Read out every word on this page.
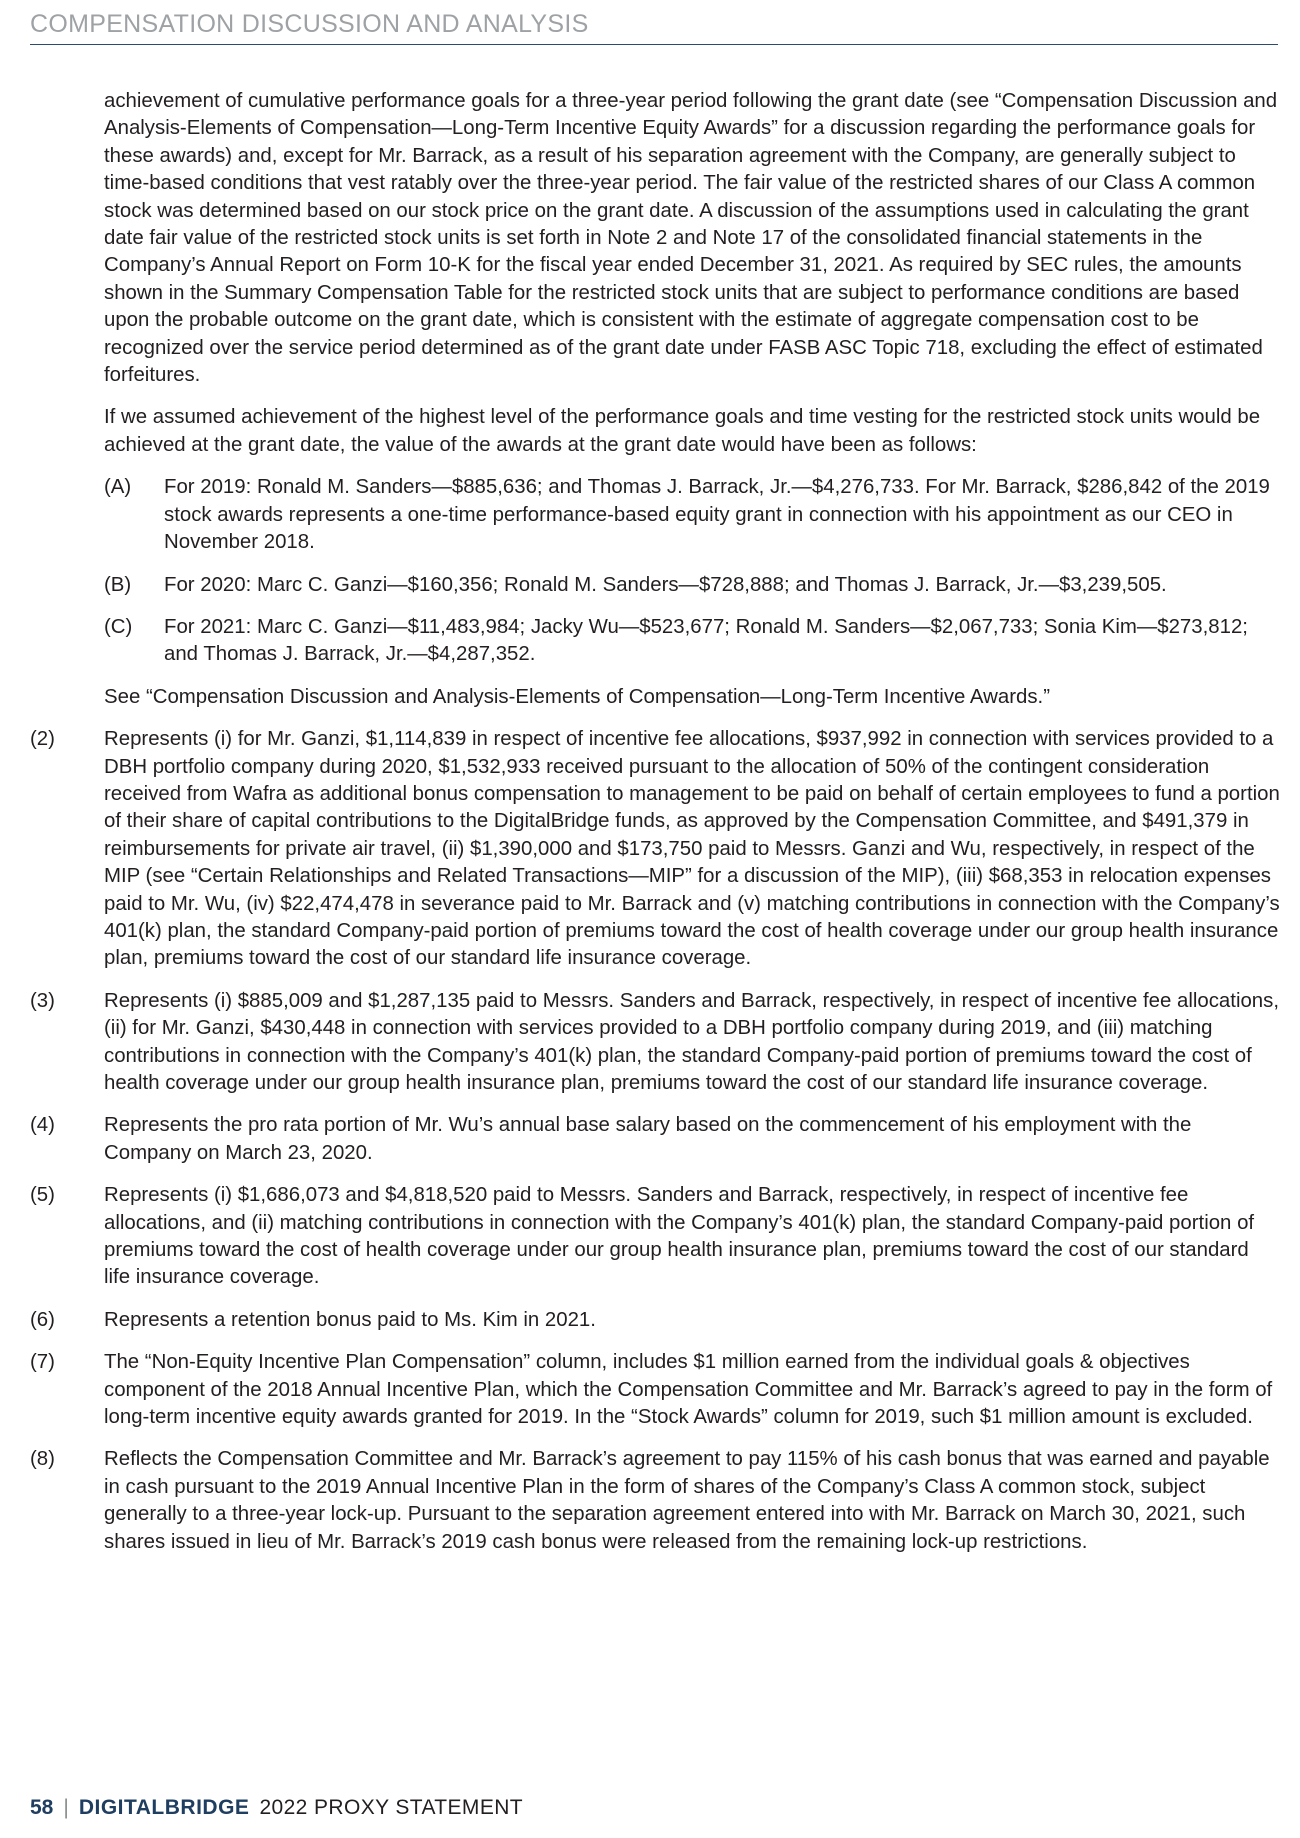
COMPENSATION DISCUSSION AND ANALYSIS

achievement of cumulative performance goals for a three-year period following the grant date (see “Compensation Discussion and Analysis-Elements of Compensation—Long-Term Incentive Equity Awards” for a discussion regarding the performance goals for these awards) and, except for Mr. Barrack, as a result of his separation agreement with the Company, are generally subject to time-based conditions that vest ratably over the three-year period. The fair value of the restricted shares of our Class A common stock was determined based on our stock price on the grant date. A discussion of the assumptions used in calculating the grant date fair value of the restricted stock units is set forth in Note 2 and Note 17 of the consolidated financial statements in the Company’s Annual Report on Form 10-K for the fiscal year ended December 31, 2021. As required by SEC rules, the amounts shown in the Summary Compensation Table for the restricted stock units that are subject to performance conditions are based upon the probable outcome on the grant date, which is consistent with the estimate of aggregate compensation cost to be recognized over the service period determined as of the grant date under FASB ASC Topic 718, excluding the effect of estimated forfeitures.

If we assumed achievement of the highest level of the performance goals and time vesting for the restricted stock units would be achieved at the grant date, the value of the awards at the grant date would have been as follows:

(A)	For 2019: Ronald M. Sanders—$885,636; and Thomas J. Barrack, Jr.—$4,276,733. For Mr. Barrack, $286,842 of the 2019 stock awards represents a one-time performance-based equity grant in connection with his appointment as our CEO in November 2018.
(B)	For 2020: Marc C. Ganzi—$160,356; Ronald M. Sanders—$728,888; and Thomas J. Barrack, Jr.—$3,239,505.
(C)	For 2021: Marc C. Ganzi—$11,483,984; Jacky Wu—$523,677; Ronald M. Sanders—$2,067,733; Sonia Kim—$273,812; and Thomas J. Barrack, Jr.—$4,287,352.

See “Compensation Discussion and Analysis-Elements of Compensation—Long-Term Incentive Awards.”

(2)	Represents (i) for Mr. Ganzi, $1,114,839 in respect of incentive fee allocations, $937,992 in connection with services provided to a DBH portfolio company during 2020, $1,532,933 received pursuant to the allocation of 50% of the contingent consideration received from Wafra as additional bonus compensation to management to be paid on behalf of certain employees to fund a portion of their share of capital contributions to the DigitalBridge funds, as approved by the Compensation Committee, and $491,379 in reimbursements for private air travel, (ii) $1,390,000 and $173,750 paid to Messrs. Ganzi and Wu, respectively, in respect of the MIP (see “Certain Relationships and Related Transactions—MIP” for a discussion of the MIP), (iii) $68,353 in relocation expenses paid to Mr. Wu, (iv) $22,474,478 in severance paid to Mr. Barrack and (v) matching contributions in connection with the Company’s 401(k) plan, the standard Company-paid portion of premiums toward the cost of health coverage under our group health insurance plan, premiums toward the cost of our standard life insurance coverage.
(3)	Represents (i) $885,009 and $1,287,135 paid to Messrs. Sanders and Barrack, respectively, in respect of incentive fee allocations, (ii) for Mr. Ganzi, $430,448 in connection with services provided to a DBH portfolio company during 2019, and (iii) matching contributions in connection with the Company’s 401(k) plan, the standard Company-paid portion of premiums toward the cost of health coverage under our group health insurance plan, premiums toward the cost of our standard life insurance coverage.
(4)	Represents the pro rata portion of Mr. Wu’s annual base salary based on the commencement of his employment with the Company on March 23, 2020.
(5)	Represents (i) $1,686,073 and $4,818,520 paid to Messrs. Sanders and Barrack, respectively, in respect of incentive fee allocations, and (ii) matching contributions in connection with the Company’s 401(k) plan, the standard Company-paid portion of premiums toward the cost of health coverage under our group health insurance plan, premiums toward the cost of our standard life insurance coverage.
(6)	Represents a retention bonus paid to Ms. Kim in 2021.
(7)	The “Non-Equity Incentive Plan Compensation” column, includes $1 million earned from the individual goals & objectives component of the 2018 Annual Incentive Plan, which the Compensation Committee and Mr. Barrack’s agreed to pay in the form of long-term incentive equity awards granted for 2019. In the “Stock Awards” column for 2019, such $1 million amount is excluded.
(8)	Reflects the Compensation Committee and Mr. Barrack’s agreement to pay 115% of his cash bonus that was earned and payable in cash pursuant to the 2019 Annual Incentive Plan in the form of shares of the Company’s Class A common stock, subject generally to a three-year lock-up. Pursuant to the separation agreement entered into with Mr. Barrack on March 30, 2021, such shares issued in lieu of Mr. Barrack’s 2019 cash bonus were released from the remaining lock-up restrictions.
58 | DIGITALBRIDGE 2022 PROXY STATEMENT
